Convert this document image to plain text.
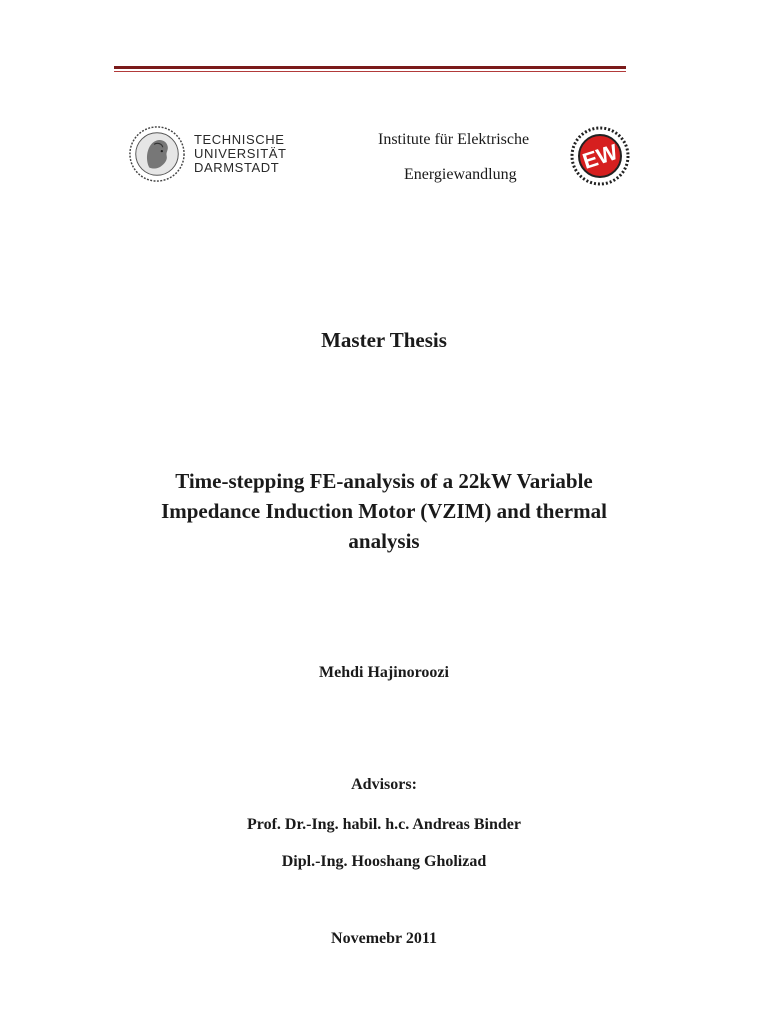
TECHNISCHE
UNIVERSITÄT
DARMSTADT
Institute für Elektrische
Energiewandlung
EW
Master Thesis
Time-stepping FE-analysis of a 22kW Variable
Impedance Induction Motor (VZIM) and thermal
analysis
Mehdi Hajinoroozi
Advisors:
Prof. Dr.-Ing. habil. h.c. Andreas Binder
Dipl.-Ing. Hooshang Gholizad
Novemebr 2011
